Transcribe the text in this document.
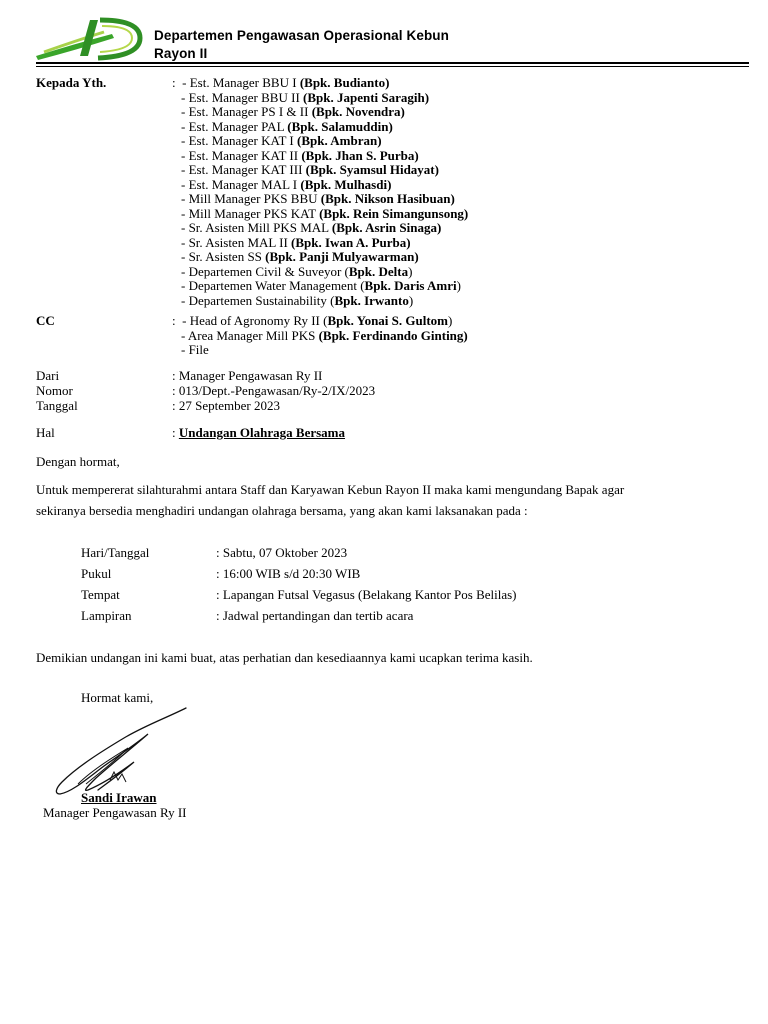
Departemen Pengawasan Operasional Kebun
Rayon II
Kepada Yth.	: - Est. Manager BBU I (Bpk. Budianto)
- Est. Manager BBU II (Bpk. Japenti Saragih)
- Est. Manager PS I & II (Bpk. Novendra)
- Est. Manager PAL (Bpk. Salamuddin)
- Est. Manager KAT I (Bpk. Ambran)
- Est. Manager KAT II (Bpk. Jhan S. Purba)
- Est. Manager KAT III (Bpk. Syamsul Hidayat)
- Est. Manager MAL I (Bpk. Mulhasdi)
- Mill Manager PKS BBU (Bpk. Nikson Hasibuan)
- Mill Manager PKS KAT (Bpk. Rein Simangunsong)
- Sr. Asisten Mill PKS MAL (Bpk. Asrin Sinaga)
- Sr. Asisten MAL II (Bpk. Iwan A. Purba)
- Sr. Asisten SS (Bpk. Panji Mulyawarman)
- Departemen Civil & Suveyor (Bpk. Delta)
- Departemen Water Management (Bpk. Daris Amri)
- Departemen Sustainability (Bpk. Irwanto)
CC	: - Head of Agronomy Ry II (Bpk. Yonai S. Gultom)
- Area Manager Mill PKS (Bpk. Ferdinando Ginting)
- File
Dari	: Manager Pengawasan Ry II
Nomor	: 013/Dept.-Pengawasan/Ry-2/IX/2023
Tanggal	: 27 September 2023
Hal	: Undangan Olahraga Bersama
Dengan hormat,
Untuk mempererat silahturahmi antara Staff dan Karyawan Kebun Rayon II maka kami mengundang Bapak agar
sekiranya bersedia menghadiri undangan olahraga bersama, yang akan kami laksanakan pada :
Hari/Tanggal	: Sabtu, 07 Oktober 2023
Pukul	: 16:00 WIB s/d 20:30 WIB
Tempat	: Lapangan Futsal Vegasus (Belakang Kantor Pos Belilas)
Lampiran	: Jadwal pertandingan dan tertib acara
Demikian undangan ini kami buat, atas perhatian dan kesediaannya kami ucapkan terima kasih.
Hormat kami,
Sandi Irawan
Manager Pengawasan Ry II
